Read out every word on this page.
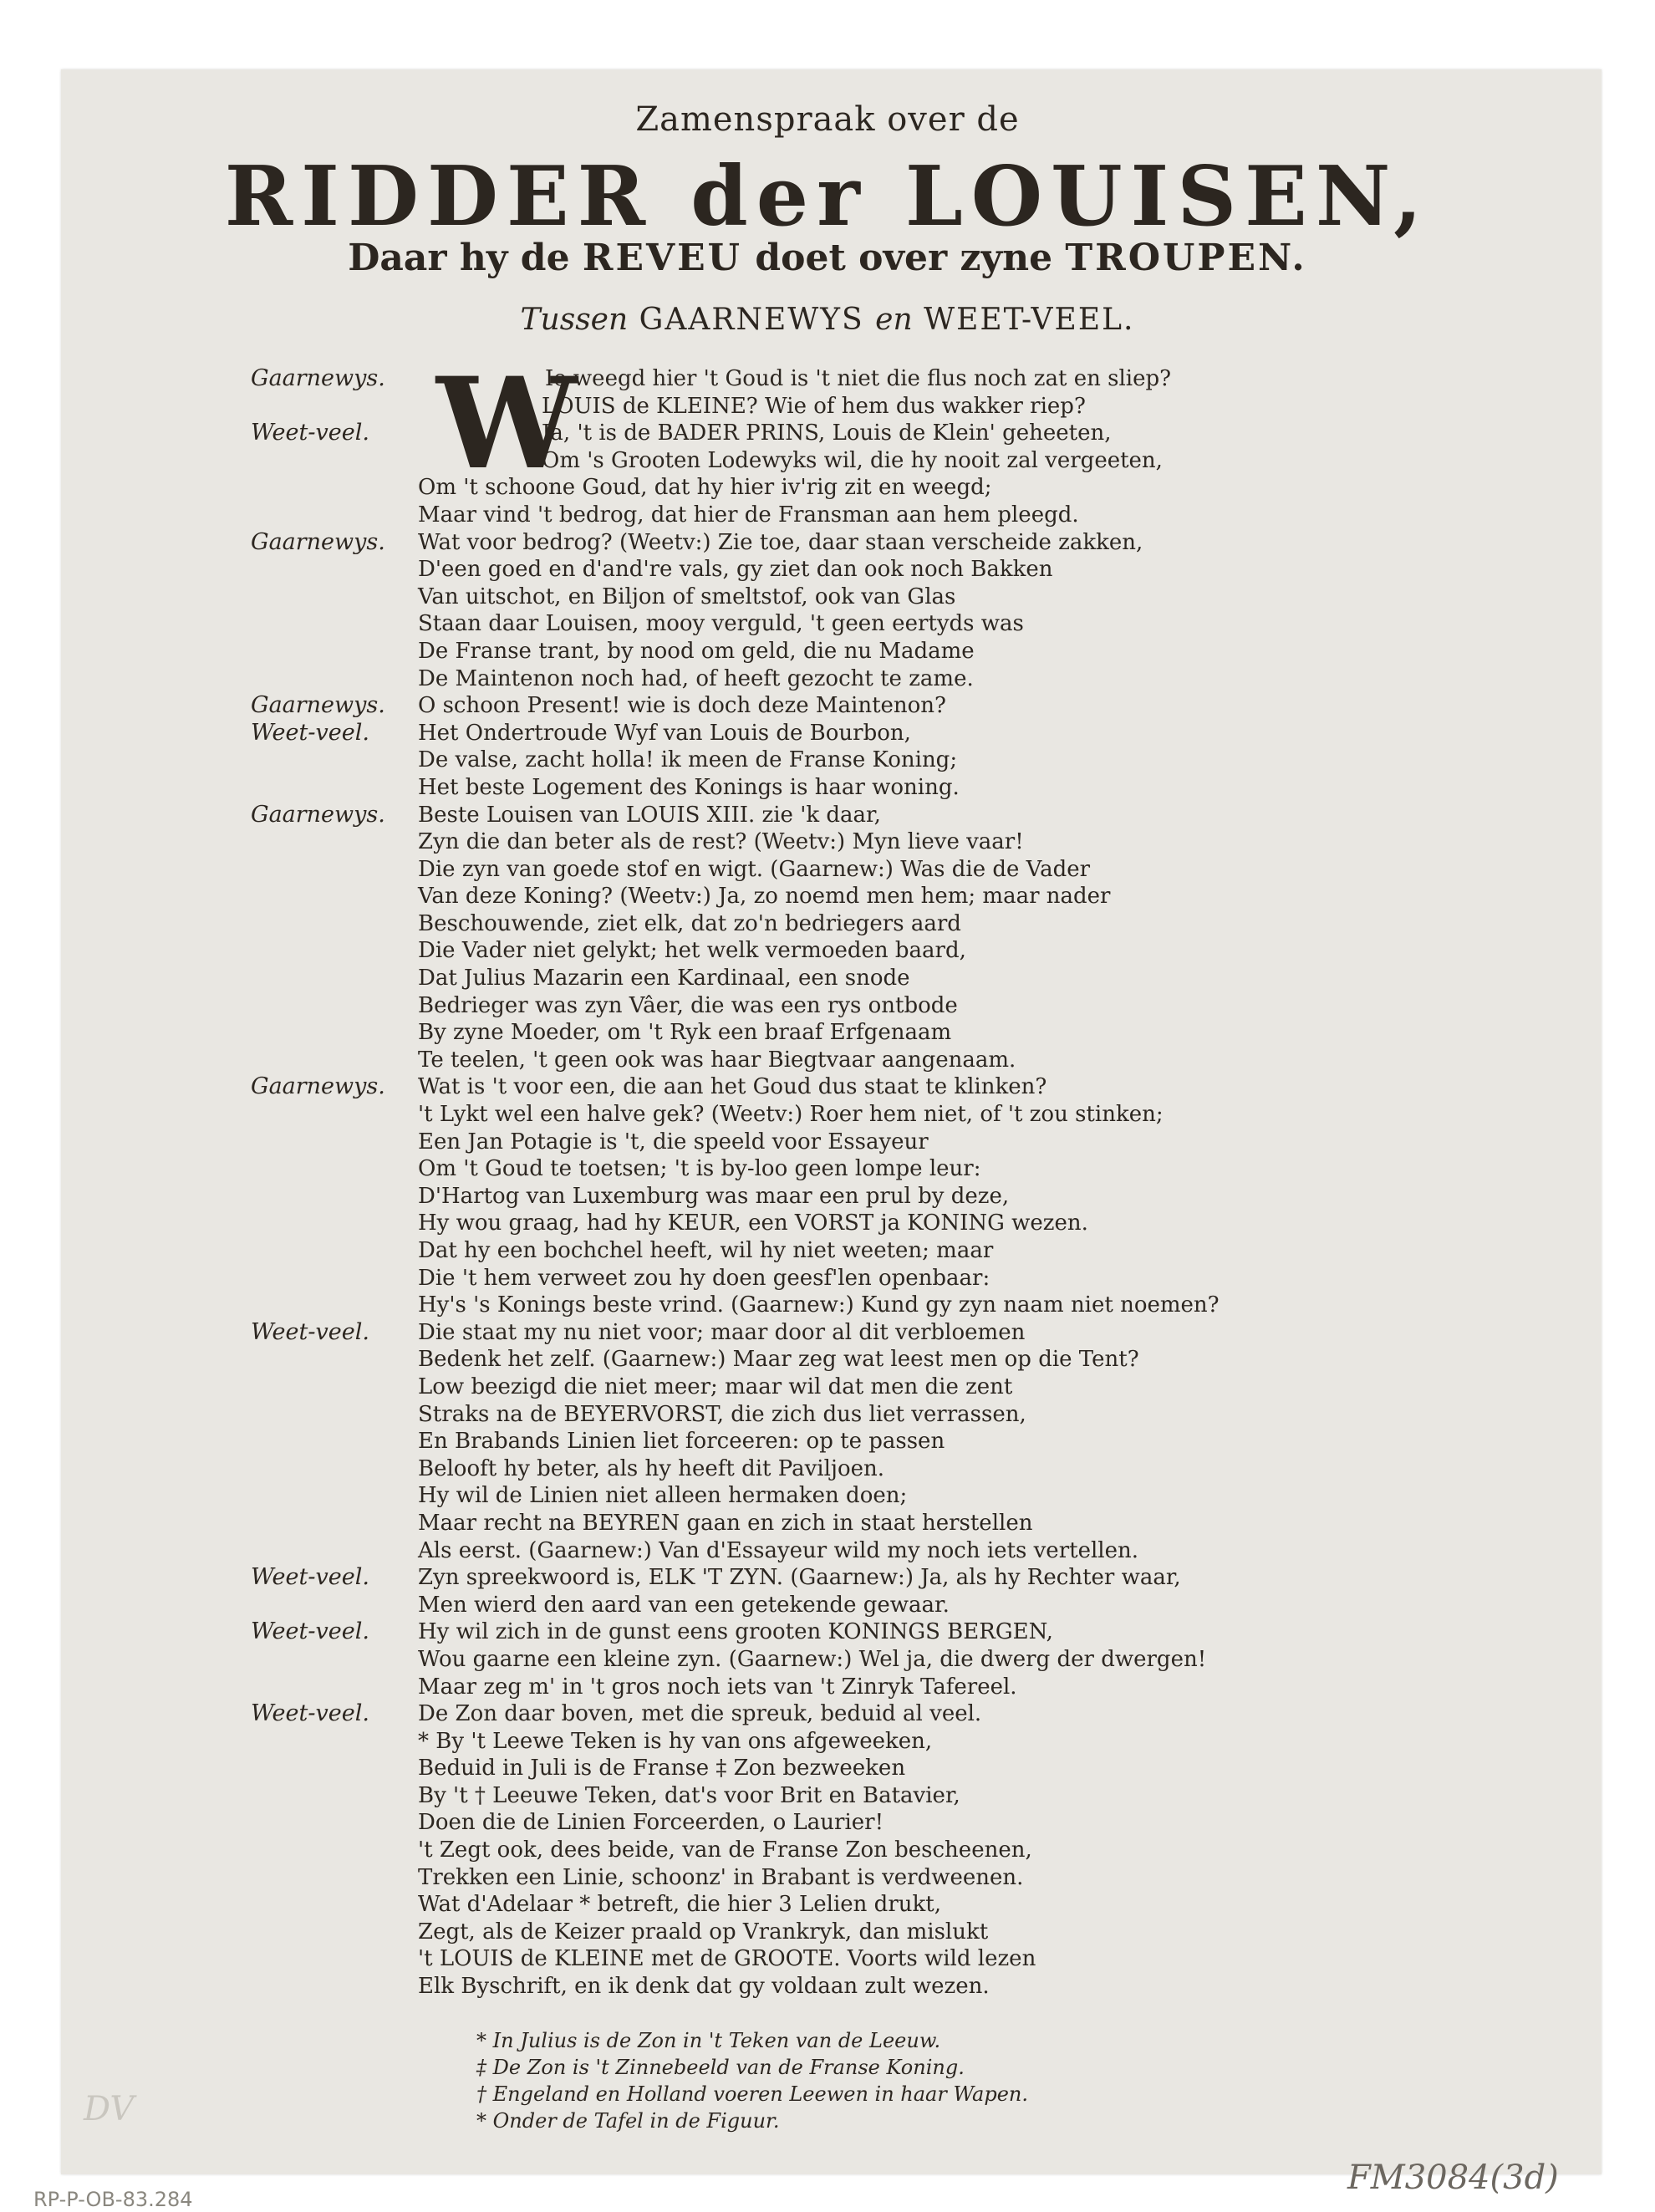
Zamenspraak over de
RIDDER der LOUISEN,
Daar hy de REVEU doet over zyne TROUPEN.
Tussen GAARNEWYS en WEET-VEEL.
W
Gaarnewys.	Ie weegd hier 't Goud is 't niet die flus noch zat en sliep?
LOUIS de KLEINE? Wie of hem dus wakker riep?
Weet-veel.	Ja, 't is de BADER PRINS, Louis de Klein' geheeten,
Om 's Grooten Lodewyks wil, die hy nooit zal vergeeten,
Om 't schoone Goud, dat hy hier iv'rig zit en weegd;
Maar vind 't bedrog, dat hier de Fransman aan hem pleegd.
Gaarnewys. Wat voor bedrog? (Weetv:) Zie toe, daar staan verscheide zakken,
D'een goed en d'and're vals, gy ziet dan ook noch Bakken
Van uitschot, en Biljon of smeltstof, ook van Glas
Staan daar Louisen, mooy verguld, 't geen eertyds was
De Franse trant, by nood om geld, die nu Madame
De Maintenon noch had, of heeft gezocht te zame.
Gaarnewys. O schoon Present! wie is doch deze Maintenon?
Weet-veel. Het Ondertroude Wyf van Louis de Bourbon,
De valse, zacht holla! ik meen de Franse Koning;
Het beste Logement des Konings is haar woning.
Gaarnewys. Beste Louisen van LOUIS XIII. zie 'k daar,
Zyn die dan beter als de rest? (Weetv:) Myn lieve vaar!
Die zyn van goede stof en wigt. (Gaarnew:) Was die de Vader
Van deze Koning? (Weetv:) Ja, zo noemd men hem; maar nader
Beschouwende, ziet elk, dat zo'n bedriegers aard
Die Vader niet gelykt; het welk vermoeden baard,
Dat Julius Mazarin een Kardinaal, een snode
Bedrieger was zyn Vâer, die was een rys ontbode
By zyne Moeder, om 't Ryk een braaf Erfgenaam
Te teelen, 't geen ook was haar Biegtvaar aangenaam.
Gaarnewys. Wat is 't voor een, die aan het Goud dus staat te klinken?
't Lykt wel een halve gek? (Weetv:) Roer hem niet, of 't zou stinken;
Een Jan Potagie is 't, die speeld voor Essayeur
Om 't Goud te toetsen; 't is by-loo geen lompe leur:
D'Hartog van Luxemburg was maar een prul by deze,
Hy wou graag, had hy KEUR, een VORST ja KONING wezen.
Dat hy een bochchel heeft, wil hy niet weeten; maar
Die 't hem verweet zou hy doen geesf'len openbaar:
Hy's 's Konings beste vrind. (Gaarnew:) Kund gy zyn naam niet noemen?
Weet-veel. Die staat my nu niet voor; maar door al dit verbloemen
Bedenk het zelf. (Gaarnew:) Maar zeg wat leest men op die Tent?
Low beezigd die niet meer; maar wil dat men die zent
Straks na de BEYERVORST, die zich dus liet verrassen,
En Brabands Linien liet forceeren: op te passen
Belooft hy beter, als hy heeft dit Paviljoen.
Hy wil de Linien niet alleen hermaken doen;
Maar recht na BEYREN gaan en zich in staat herstellen
Als eerst. (Gaarnew:) Van d'Essayeur wild my noch iets vertellen.
Weet-veel. Zyn spreekwoord is, ELK 'T ZYN. (Gaarnew:) Ja, als hy Rechter waar,
Men wierd den aard van een getekende gewaar.
Weet-veel. Hy wil zich in de gunst eens grooten KONINGS BERGEN,
Wou gaarne een kleine zyn. (Gaarnew:) Wel ja, die dwerg der dwergen!
Maar zeg m' in 't gros noch iets van 't Zinryk Tafereel.
Weet-veel. De Zon daar boven, met die spreuk, beduid al veel.
* By 't Leewe Teken is hy van ons afgeweeken,
Beduid in Juli is de Franse ‡ Zon bezweeken
By 't † Leeuwe Teken, dat's voor Brit en Batavier,
Doen die de Linien Forceerden, o Laurier!
't Zegt ook, dees beide, van de Franse Zon bescheenen,
Trekken een Linie, schoonz' in Brabant is verdweenen.
Wat d'Adelaar * betreft, die hier 3 Lelien drukt,
Zegt, als de Keizer praald op Vrankryk, dan mislukt
't LOUIS de KLEINE met de GROOTE. Voorts wild lezen
Elk Byschrift, en ik denk dat gy voldaan zult wezen.
* In Julius is de Zon in 't Teken van de Leeuw.
‡ De Zon is 't Zinnebeeld van de Franse Koning.
† Engeland en Holland voeren Leewen in haar Wapen.
* Onder de Tafel in de Figuur.
DV
RP-P-OB-83.284
FM3084(3d)
